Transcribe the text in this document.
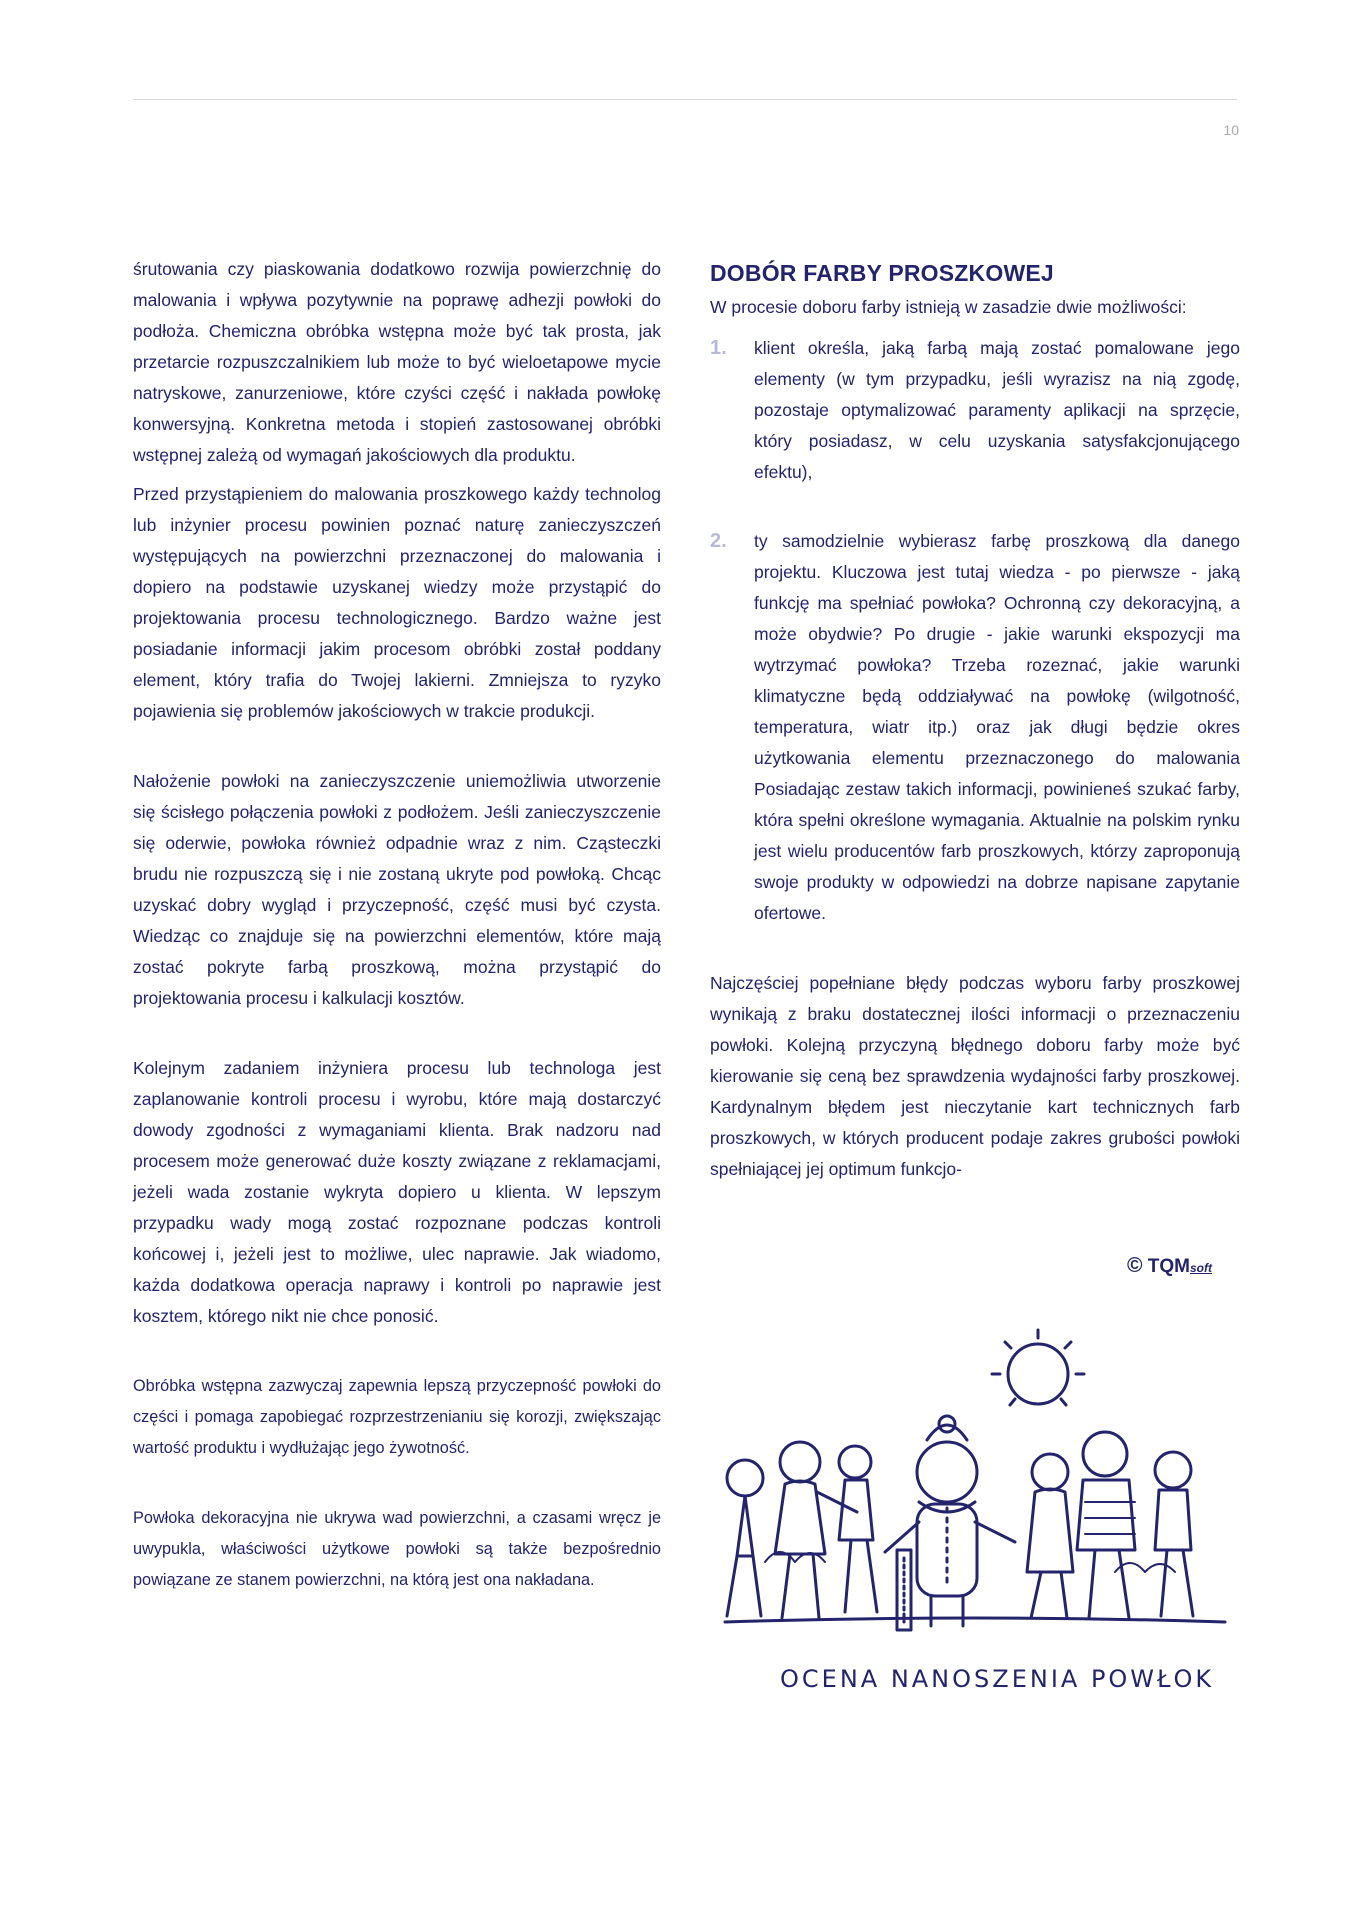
10

śrutowania czy piaskowania dodatkowo rozwija powierzchnię do malowania i wpływa pozytywnie na poprawę adhezji powłoki do podłoża. Chemiczna obróbka wstępna może być tak prosta, jak przetarcie rozpuszczalnikiem lub może to być wieloetapowe mycie natryskowe, zanurzeniowe, które czyści część i nakłada powłokę konwersyjną. Konkretna metoda i stopień zastosowanej obróbki wstępnej zależą od wymagań jakościowych dla produktu.

Przed przystąpieniem do malowania proszkowego każdy technolog lub inżynier procesu powinien poznać naturę zanieczyszczeń występujących na powierzchni przeznaczonej do malowania i dopiero na podstawie uzyskanej wiedzy może przystąpić do projektowania procesu technologicznego. Bardzo ważne jest posiadanie informacji jakim procesom obróbki został poddany element, który trafia do Twojej lakierni. Zmniejsza to ryzyko pojawienia się problemów jakościowych w trakcie produkcji.

Nałożenie powłoki na zanieczyszczenie uniemożliwia utworzenie się ścisłego połączenia powłoki z podłożem. Jeśli zanieczyszczenie się oderwie, powłoka również odpadnie wraz z nim. Cząsteczki brudu nie rozpuszczą się i nie zostaną ukryte pod powłoką. Chcąc uzyskać dobry wygląd i przyczepność, część musi być czysta. Wiedząc co znajduje się na powierzchni elementów, które mają zostać pokryte farbą proszkową, można przystąpić do projektowania procesu i kalkulacji kosztów.

Kolejnym zadaniem inżyniera procesu lub technologa jest zaplanowanie kontroli procesu i wyrobu, które mają dostarczyć dowody zgodności z wymaganiami klienta. Brak nadzoru nad procesem może generować duże koszty związane z reklamacjami, jeżeli wada zostanie wykryta dopiero u klienta. W lepszym przypadku wady mogą zostać rozpoznane podczas kontroli końcowej i, jeżeli jest to możliwe, ulec naprawie. Jak wiadomo, każda dodatkowa operacja naprawy i kontroli po naprawie jest kosztem, którego nikt nie chce ponosić.

Obróbka wstępna zazwyczaj zapewnia lepszą przyczepność powłoki do części i pomaga zapobiegać rozprzestrzenianiu się korozji, zwiększając wartość produktu i wydłużając jego żywotność.

Powłoka dekoracyjna nie ukrywa wad powierzchni, a czasami wręcz je uwypukla, właściwości użytkowe powłoki są także bezpośrednio powiązane ze stanem powierzchni, na którą jest ona nakładana.

DOBÓR FARBY PROSZKOWEJ

W procesie doboru farby istnieją w zasadzie dwie możliwości:

1. klient określa, jaką farbą mają zostać pomalowane jego elementy (w tym przypadku, jeśli wyrazisz na nią zgodę, pozostaje optymalizować paramenty aplikacji na sprzęcie, który posiadasz, w celu uzyskania satysfakcjonującego efektu),
2. ty samodzielnie wybierasz farbę proszkową dla danego projektu. Kluczowa jest tutaj wiedza - po pierwsze - jaką funkcję ma spełniać powłoka? Ochronną czy dekoracyjną, a może obydwie? Po drugie - jakie warunki ekspozycji ma wytrzymać powłoka? Trzeba rozeznać, jakie warunki klimatyczne będą oddziaływać na powłokę (wilgotność, temperatura, wiatr itp.) oraz jak długi będzie okres użytkowania elementu przeznaczonego do malowania Posiadając zestaw takich informacji, powinieneś szukać farby, która spełni określone wymagania. Aktualnie na polskim rynku jest wielu producentów farb proszkowych, którzy zaproponują swoje produkty w odpowiedzi na dobrze napisane zapytanie ofertowe.

Najczęściej popełniane błędy podczas wyboru farby proszkowej wynikają z braku dostatecznej ilości informacji o przeznaczeniu powłoki. Kolejną przyczyną błędnego doboru farby może być kierowanie się ceną bez sprawdzenia wydajności farby proszkowej. Kardynalnym błędem jest nieczytanie kart technicznych farb proszkowych, w których producent podaje zakres grubości powłoki spełniającej jej optimum funkcjo-

© TQMsoft
OCENA NANOSZENIA POWŁOK
